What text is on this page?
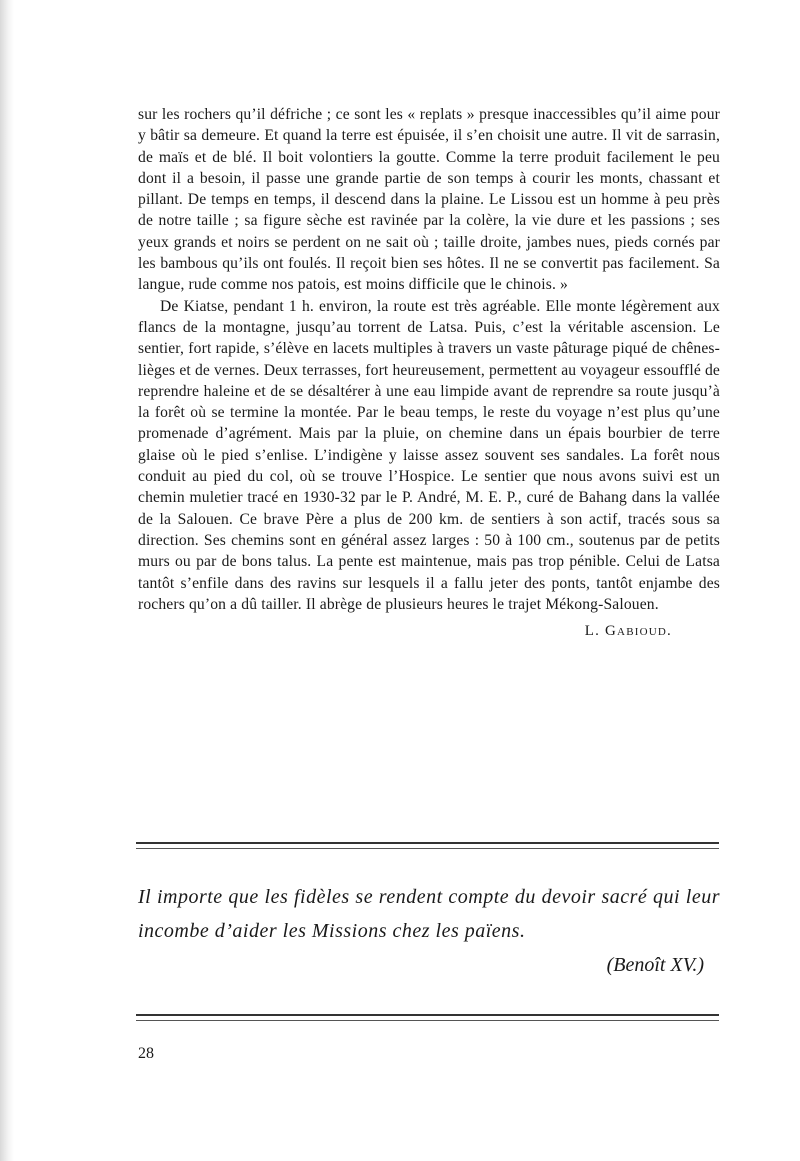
sur les rochers qu’il défriche ; ce sont les « replats » presque inaccessibles qu’il aime pour y bâtir sa demeure. Et quand la terre est épuisée, il s’en choisit une autre. Il vit de sarrasin, de maïs et de blé. Il boit volontiers la goutte. Comme la terre produit facilement le peu dont il a besoin, il passe une grande partie de son temps à courir les monts, chassant et pillant. De temps en temps, il descend dans la plaine. Le Lissou est un homme à peu près de notre taille ; sa figure sèche est ravinée par la colère, la vie dure et les passions ; ses yeux grands et noirs se perdent on ne sait où ; taille droite, jambes nues, pieds cornés par les bambous qu’ils ont foulés. Il reçoit bien ses hôtes. Il ne se convertit pas facilement. Sa langue, rude comme nos patois, est moins difficile que le chinois. »

De Kiatse, pendant 1 h. environ, la route est très agréable. Elle monte légèrement aux flancs de la montagne, jusqu’au torrent de Latsa. Puis, c’est la véritable ascension. Le sentier, fort rapide, s’élève en lacets multiples à travers un vaste pâturage piqué de chênes-lièges et de vernes. Deux terrasses, fort heureusement, permettent au voyageur essoufflé de reprendre haleine et de se désaltérer à une eau limpide avant de reprendre sa route jusqu’à la forêt où se termine la montée. Par le beau temps, le reste du voyage n’est plus qu’une promenade d’agrément. Mais par la pluie, on chemine dans un épais bourbier de terre glaise où le pied s’enlise. L’indigène y laisse assez souvent ses sandales. La forêt nous conduit au pied du col, où se trouve l’Hospice. Le sentier que nous avons suivi est un chemin muletier tracé en 1930-32 par le P. André, M. E. P., curé de Bahang dans la vallée de la Salouen. Ce brave Père a plus de 200 km. de sentiers à son actif, tracés sous sa direction. Ses chemins sont en général assez larges : 50 à 100 cm., soutenus par de petits murs ou par de bons talus. La pente est maintenue, mais pas trop pénible. Celui de Latsa tantôt s’enfile dans des ravins sur lesquels il a fallu jeter des ponts, tantôt enjambe des rochers qu’on a dû tailler. Il abrège de plusieurs heures le trajet Mékong-Salouen.

L. Gabioud.

Il importe que les fidèles se rendent compte du devoir sacré qui leur incombe d’aider les Missions chez les païens.

(Benoît XV.)

28
